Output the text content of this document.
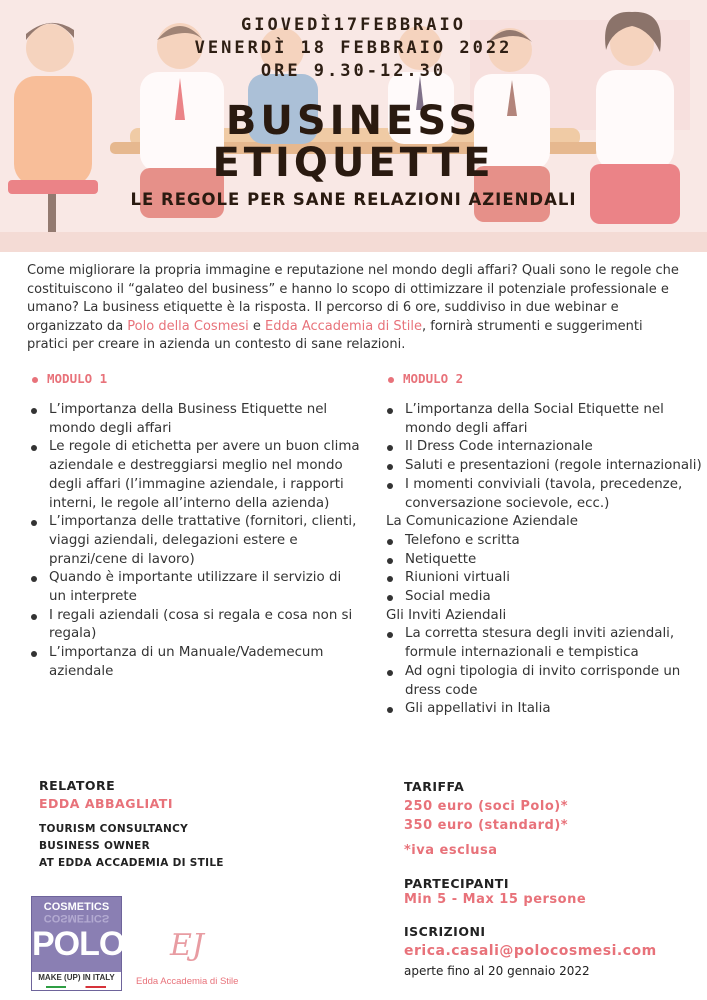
GIOVEDÌ17FEBBRAIO
VENERDÌ 18 FEBBRAIO 2022
ORE 9.30-12.30
BUSINESS
ETIQUETTE
LE REGOLE PER SANE RELAZIONI AZIENDALI
Come migliorare la propria immagine e reputazione nel mondo degli affari? Quali sono le regole che costituiscono il “galateo del business” e hanno lo scopo di ottimizzare il potenziale professionale e umano? La business etiquette è la risposta. Il percorso di 6 ore, suddiviso in due webinar e organizzato da Polo della Cosmesi e Edda Accademia di Stile, fornirà strumenti e suggerimenti pratici per creare in azienda un contesto di sane relazioni.
MODULO 1	MODULO 2
L’importanza della Business Etiquette nel mondo degli affari
Le regole di etichetta per avere un buon clima aziendale e destreggiarsi meglio nel mondo degli affari (l’immagine aziendale, i rapporti interni, le regole all’interno della azienda)
L’importanza delle trattative (fornitori, clienti, viaggi aziendali, delegazioni estere e pranzi/cene di lavoro)
Quando è importante utilizzare il servizio di un interprete
I regali aziendali (cosa si regala e cosa non si regala)
L’importanza di un Manuale/Vademecum aziendale
L’importanza della Social Etiquette nel mondo degli affari
Il Dress Code internazionale
Saluti e presentazioni (regole internazionali)
I momenti conviviali (tavola, precedenze, conversazione socievole, ecc.)
La Comunicazione Aziendale
Telefono e scritta
Netiquette
Riunioni virtuali
Social media
Gli Inviti Aziendali
La corretta stesura degli inviti aziendali, formule internazionali e tempistica
Ad ogni tipologia di invito corrisponde un dress code
Gli appellativi in Italia
RELATORE
EDDA ABBAGLIATI
TOURISM CONSULTANCY
BUSINESS OWNER
AT EDDA ACCADEMIA DI STILE
TARIFFA
250 euro (soci Polo)*
350 euro (standard)*
*iva esclusa
PARTECIPANTI
Min 5 - Max 15 persone
ISCRIZIONI
erica.casali@polocosmesi.com
aperte fino al 20 gennaio 2022
COSMETICS
COSMETICS
POLO
MAKE (UP) IN ITALY
EJ
Edda Accademia di Stile
